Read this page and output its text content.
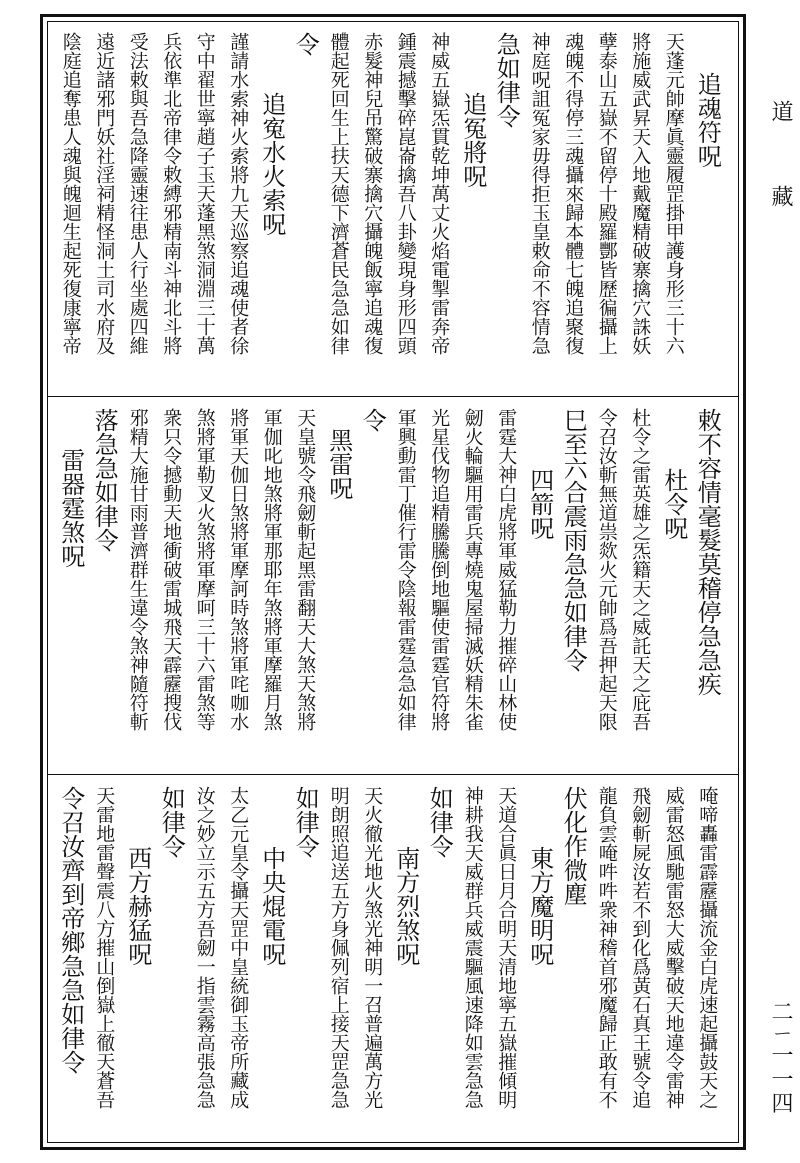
追魂符呪
天蓬元帥摩眞靈履罡掛甲護身形三十六
將施威武昇天入地戴魔精破寨擒穴誅妖
孽泰山五嶽不留停十殿羅酆皆歷徧攝上
魂魄不得停三魂攝來歸本體七魄追聚復
神庭呪詛冤家毋得拒玉皇敕命不容情急
急如律令
追冤將呪
神威五嶽炁貫乾坤萬丈火焰電掣雷奔帝
鍾震撼擊碎崑崙擒吾八卦變現身形四頭
赤髮神兒吊驚破寨擒穴攝魄飯寧追魂復
體起死回生上扶天德下濟蒼民急急如律
令
追寃水火索呪
謹請水索神火索將九天巡察追魂使者徐
守中翟世寧趙子玉天蓬黑煞洞淵三十萬
兵依準北帝律令敕縛邪精南斗神北斗將
受法敕與吾急降靈速往患人行坐處四維
遠近諸邪門妖社淫祠精怪洞土司水府及
陰庭追奪患人魂與魄迴生起死復康寧帝
敕不容情毫髮莫稽停急急疾
杜令呪
杜令之雷英雄之炁籍天之威託天之庇吾
令召汝斬無道祟欻火元帥爲吾押起天限
巳至六合震雨急急如律令
四箭呪
雷霆大神白虎將軍威猛勒力摧碎山林使
劒火輪驅用雷兵專燒鬼屋掃滅妖精朱雀
光星伐物追精騰騰倒地驅使雷霆官符將
軍興動雷丁催行雷令陰報雷霆急急如律
令
黑雷呪
天皇號令飛劒斬起黑雷翻天大煞天煞將
軍伽叱地煞將軍那耶年煞將軍摩羅月煞
將軍天伽日煞將軍摩訶時煞將軍咤咖水
煞將軍勒叉火煞將軍摩呵三十六雷煞等
衆只令撼動天地衝破雷城飛天霹靂搜伐
邪精大施甘雨普濟群生違令煞神隨符斬
落急急如律令
雷器霆煞呪
唵啼轟雷霹靂攝流金白虎速起攝鼓天之
威雷怒風馳雷怒大威擊破天地違令雷神
飛劒斬屍汝若不到化爲黃石真王號令追
龍負雲唵吽吽衆神稽首邪魔歸正敢有不
伏化作微塵
東方魔明呪
天道合眞日月合明天清地寧五嶽摧傾明
神耕我天威群兵威震驅風速降如雲急急
如律令
南方烈煞呪
天火徹光地火煞光神明一召普遍萬方光
明朗照追送五方身佩列宿上接天罡急急
如律令
中央焜電呪
太乙元皇令攝天罡中皇統御玉帝所藏成
汝之妙立示五方吾劒一指雲霧高張急急
如律令
西方赫猛呪
天雷地雷聲震八方摧山倒嶽上徹天蒼吾
令召汝齊到帝鄉急急如律令
道
藏
二ㄧ一一四
